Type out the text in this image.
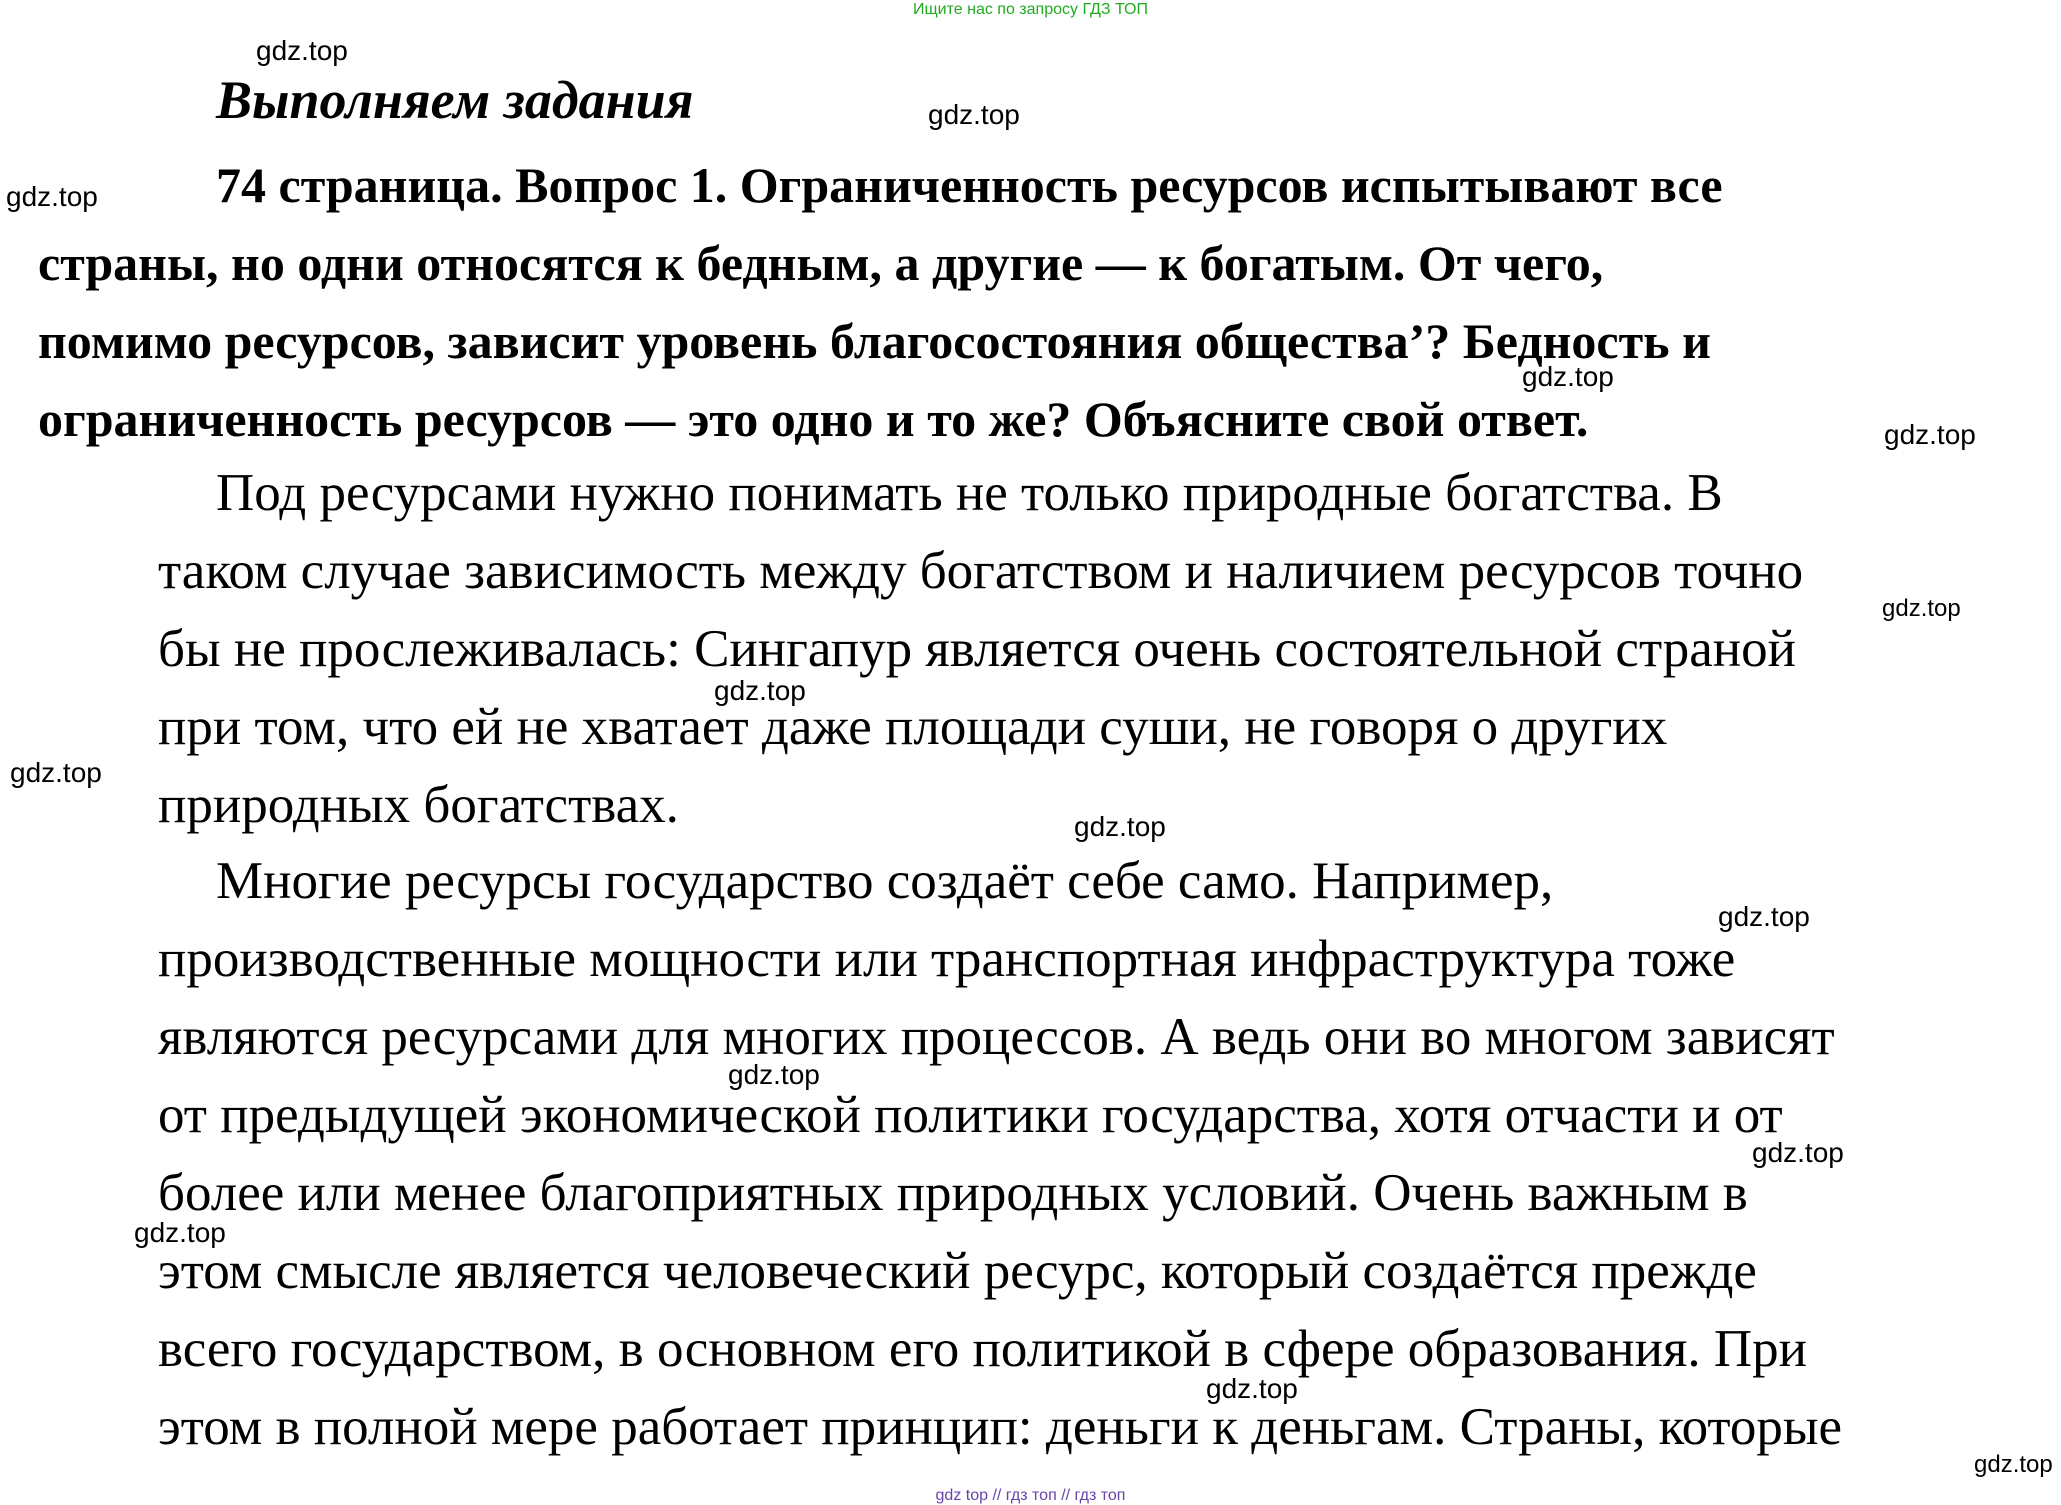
Ищите нас по запросу ГДЗ ТОП
Выполняем задания
74 страница. Вопрос 1. Ограниченность ресурсов испытывают все
страны, но одни относятся к бедным, а другие — к богатым. От чего,
помимо ресурсов, зависит уровень благосостояния общества’? Бедность и
ограниченность ресурсов — это одно и то же? Объясните свой ответ.
Под ресурсами нужно понимать не только природные богатства. В
таком случае зависимость между богатством и наличием ресурсов точно
бы не прослеживалась: Сингапур является очень состоятельной страной
при том, что ей не хватает даже площади суши, не говоря о других
природных богатствах.
Многие ресурсы государство создаёт себе само. Например,
производственные мощности или транспортная инфраструктура тоже
являются ресурсами для многих процессов. А ведь они во многом зависят
от предыдущей экономической политики государства, хотя отчасти и от
более или менее благоприятных природных условий. Очень важным в
этом смысле является человеческий ресурс, который создаётся прежде
всего государством, в основном его политикой в сфере образования. При
этом в полной мере работает принцип: деньги к деньгам. Страны, которые
gdz.top
gdz.top
gdz.top
gdz.top
gdz.top
gdz.top
gdz.top
gdz.top
gdz.top
gdz.top
gdz.top
gdz.top
gdz.top
gdz.top
gdz.top
gdz top // гдз топ // гдз топ
